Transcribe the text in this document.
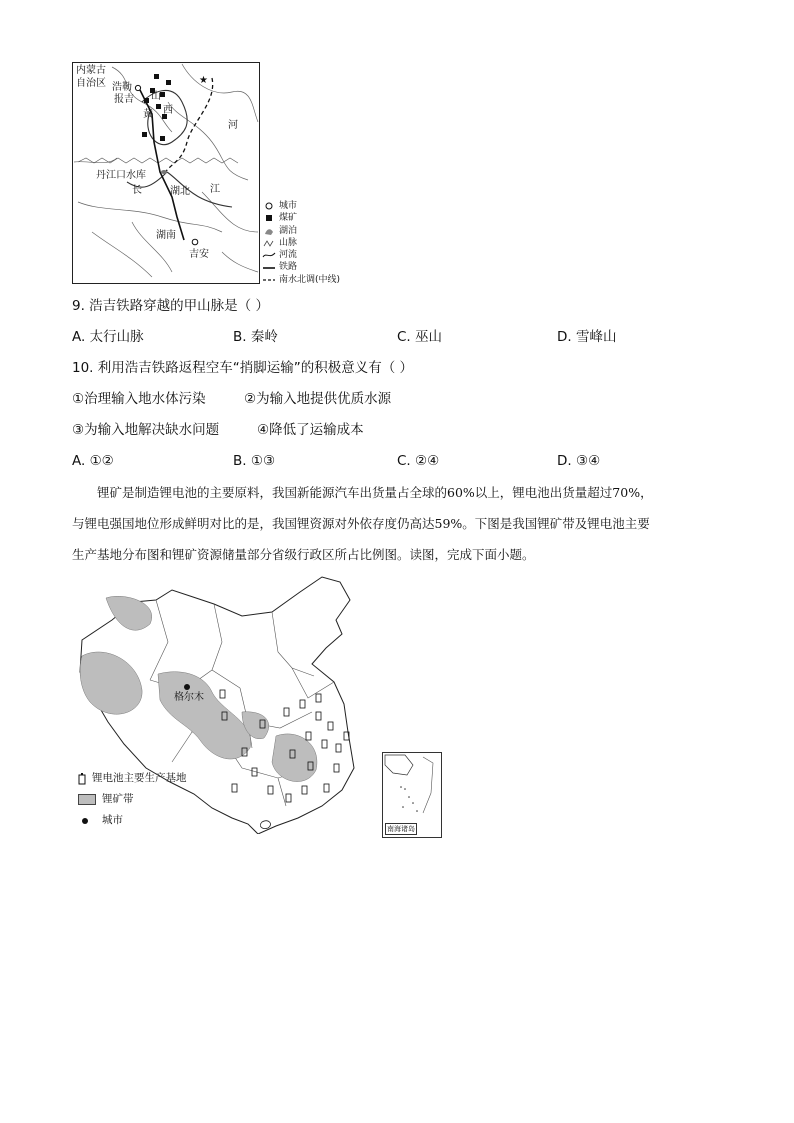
★
内蒙古
自治区 浩勒
报吉 山
西
黄
河
丹江口水库
长	湖北 江
湖南
吉安
城市
煤矿
湖泊
山脉
河流
铁路
南水北调(中线)
9. 浩吉铁路穿越的甲山脉是（ ）
A. 太行山脉	B. 秦岭	C. 巫山	D. 雪峰山
10. 利用浩吉铁路返程空车“捎脚运输”的积极意义有（ ）
①治理输入地水体污染	②为输入地提供优质水源
③为输入地解决缺水问题	④降低了运输成本
A. ①②	B. ①③	C. ②④	D. ③④
锂矿是制造锂电池的主要原料，我国新能源汽车出货量占全球的60%以上，锂电池出货量超过70%，
与锂电强国地位形成鲜明对比的是，我国锂资源对外依存度仍高达59%。下图是我国锂矿带及锂电池主要
生产基地分布图和锂矿资源储量部分省级行政区所占比例图。读图，完成下面小题。
格尔木
南海诸岛
锂电池主要生产基地
锂矿带
城市
